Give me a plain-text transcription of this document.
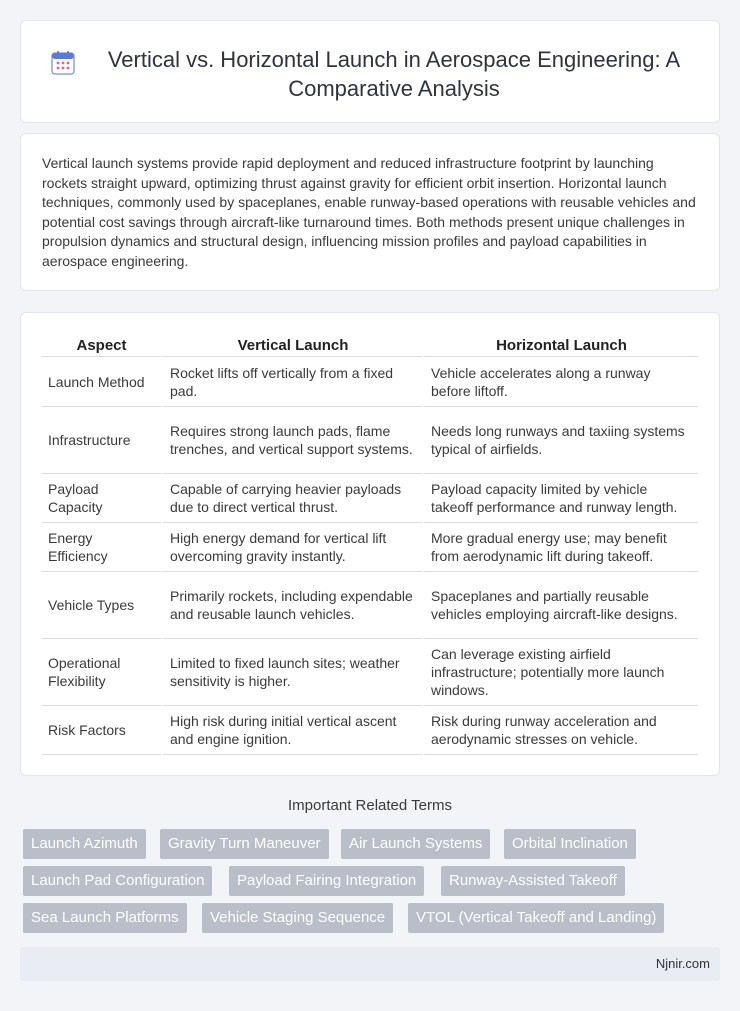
Vertical vs. Horizontal Launch in Aerospace Engineering: A Comparative Analysis

Vertical launch systems provide rapid deployment and reduced infrastructure footprint by launching rockets straight upward, optimizing thrust against gravity for efficient orbit insertion. Horizontal launch techniques, commonly used by spaceplanes, enable runway-based operations with reusable vehicles and potential cost savings through aircraft-like turnaround times. Both methods present unique challenges in propulsion dynamics and structural design, influencing mission profiles and payload capabilities in aerospace engineering.

Aspect	Vertical Launch	Horizontal Launch
Launch Method	Rocket lifts off vertically from a fixed pad.	Vehicle accelerates along a runway before liftoff.
Infrastructure	Requires strong launch pads, flame trenches, and vertical support systems.	Needs long runways and taxiing systems typical of airfields.
Payload Capacity	Capable of carrying heavier payloads due to direct vertical thrust.	Payload capacity limited by vehicle takeoff performance and runway length.
Energy Efficiency	High energy demand for vertical lift overcoming gravity instantly.	More gradual energy use; may benefit from aerodynamic lift during takeoff.
Vehicle Types	Primarily rockets, including expendable and reusable launch vehicles.	Spaceplanes and partially reusable vehicles employing aircraft-like designs.
Operational Flexibility	Limited to fixed launch sites; weather sensitivity is higher.	Can leverage existing airfield infrastructure; potentially more launch windows.
Risk Factors	High risk during initial vertical ascent and engine ignition.	Risk during runway acceleration and aerodynamic stresses on vehicle.
Important Related Terms
Launch Azimuth	Gravity Turn Maneuver	Air Launch Systems	Orbital Inclination
Launch Pad Configuration	Payload Fairing Integration	Runway-Assisted Takeoff
Sea Launch Platforms	Vehicle Staging Sequence	VTOL (Vertical Takeoff and Landing)
Njnir.com
